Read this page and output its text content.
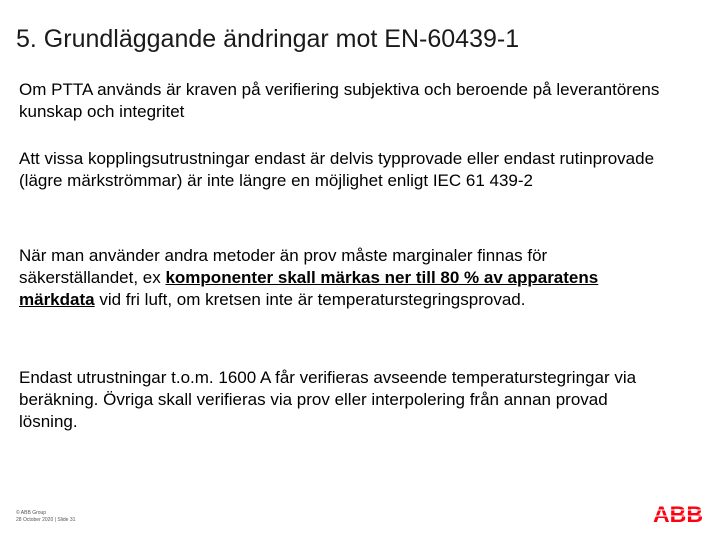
5. Grundläggande ändringar mot EN-60439-1

Om PTTA används är kraven på verifiering subjektiva och beroende på leverantörens kunskap och integritet

Att vissa kopplingsutrustningar endast är delvis typprovade eller endast rutinprovade (lägre märkströmmar) är inte längre en möjlighet enligt IEC 61 439-2

När man använder andra metoder än prov måste marginaler finnas för säkerställandet, ex komponenter skall märkas ner till 80 % av apparatens märkdata vid fri luft, om kretsen inte är temperaturstegringsprovad.

Endast utrustningar t.o.m. 1600 A får verifieras avseende temperaturstegringar via beräkning. Övriga skall verifieras via prov eller interpolering från annan provad lösning.

© ABB Group
28 October 2020 | Slide 31	ABB
